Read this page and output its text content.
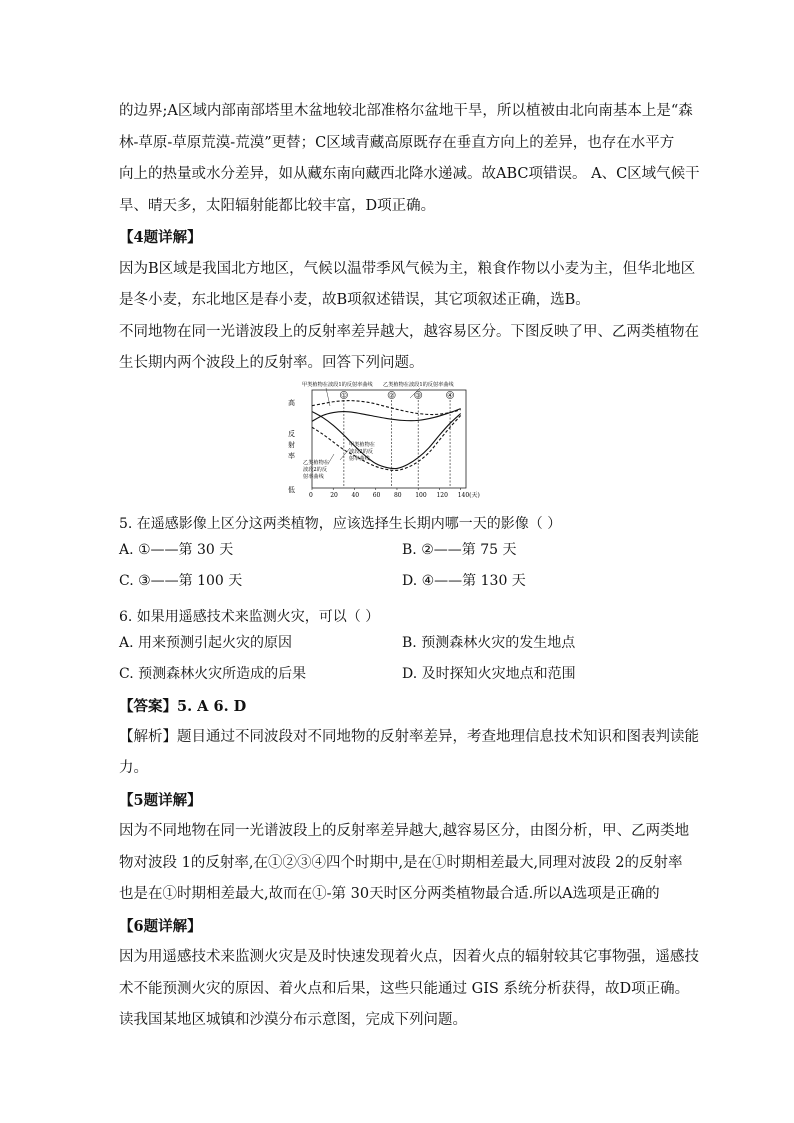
的边界;A区域内部南部塔里木盆地较北部准格尔盆地干旱，所以植被由北向南基本上是“森
林-草原-草原荒漠-荒漠”更替；C区域青藏高原既存在垂直方向上的差异，也存在水平方
向上的热量或水分差异，如从藏东南向藏西北降水递减。故ABC项错误。 A、C区域气候干
旱、晴天多，太阳辐射能都比较丰富，D项正确。
【4题详解】
因为B区域是我国北方地区，气候以温带季风气候为主，粮食作物以小麦为主，但华北地区
是冬小麦，东北地区是春小麦，故B项叙述错误，其它项叙述正确，选B。
不同地物在同一光谱波段上的反射率差异越大，越容易区分。下图反映了甲、乙两类植物在
生长期内两个波段上的反射率。回答下列问题。
高
反
射
率
低
甲类植物在波段1的反射率曲线 乙类植物在波段1的反射率曲线
甲类植物在
波段2的反
射率曲线
乙类植物在
波段2的反
射率曲线
0	20 40 60 80 100 120 140(天)
①	②	③	④
5. 在遥感影像上区分这两类植物，应该选择生长期内哪一天的影像（ ）
A. ①——第 30 天	B. ②——第 75 天
C. ③——第 100 天	D. ④——第 130 天
6. 如果用遥感技术来监测火灾，可以（ ）
A. 用来预测引起火灾的原因	B. 预测森林火灾的发生地点
C. 预测森林火灾所造成的后果	D. 及时探知火灾地点和范围
【答案】5. A 6. D
【解析】题目通过不同波段对不同地物的反射率差异，考查地理信息技术知识和图表判读能
力。
【5题详解】
因为不同地物在同一光谱波段上的反射率差异越大,越容易区分，由图分析，甲、乙两类地
物对波段 1的反射率,在①②③④四个时期中,是在①时期相差最大,同理对波段 2的反射率
也是在①时期相差最大,故而在①-第 30天时区分两类植物最合适.所以A选项是正确的
【6题详解】
因为用遥感技术来监测火灾是及时快速发现着火点，因着火点的辐射较其它事物强，遥感技
术不能预测火灾的原因、着火点和后果，这些只能通过 GIS 系统分析获得，故D项正确。
读我国某地区城镇和沙漠分布示意图，完成下列问题。
